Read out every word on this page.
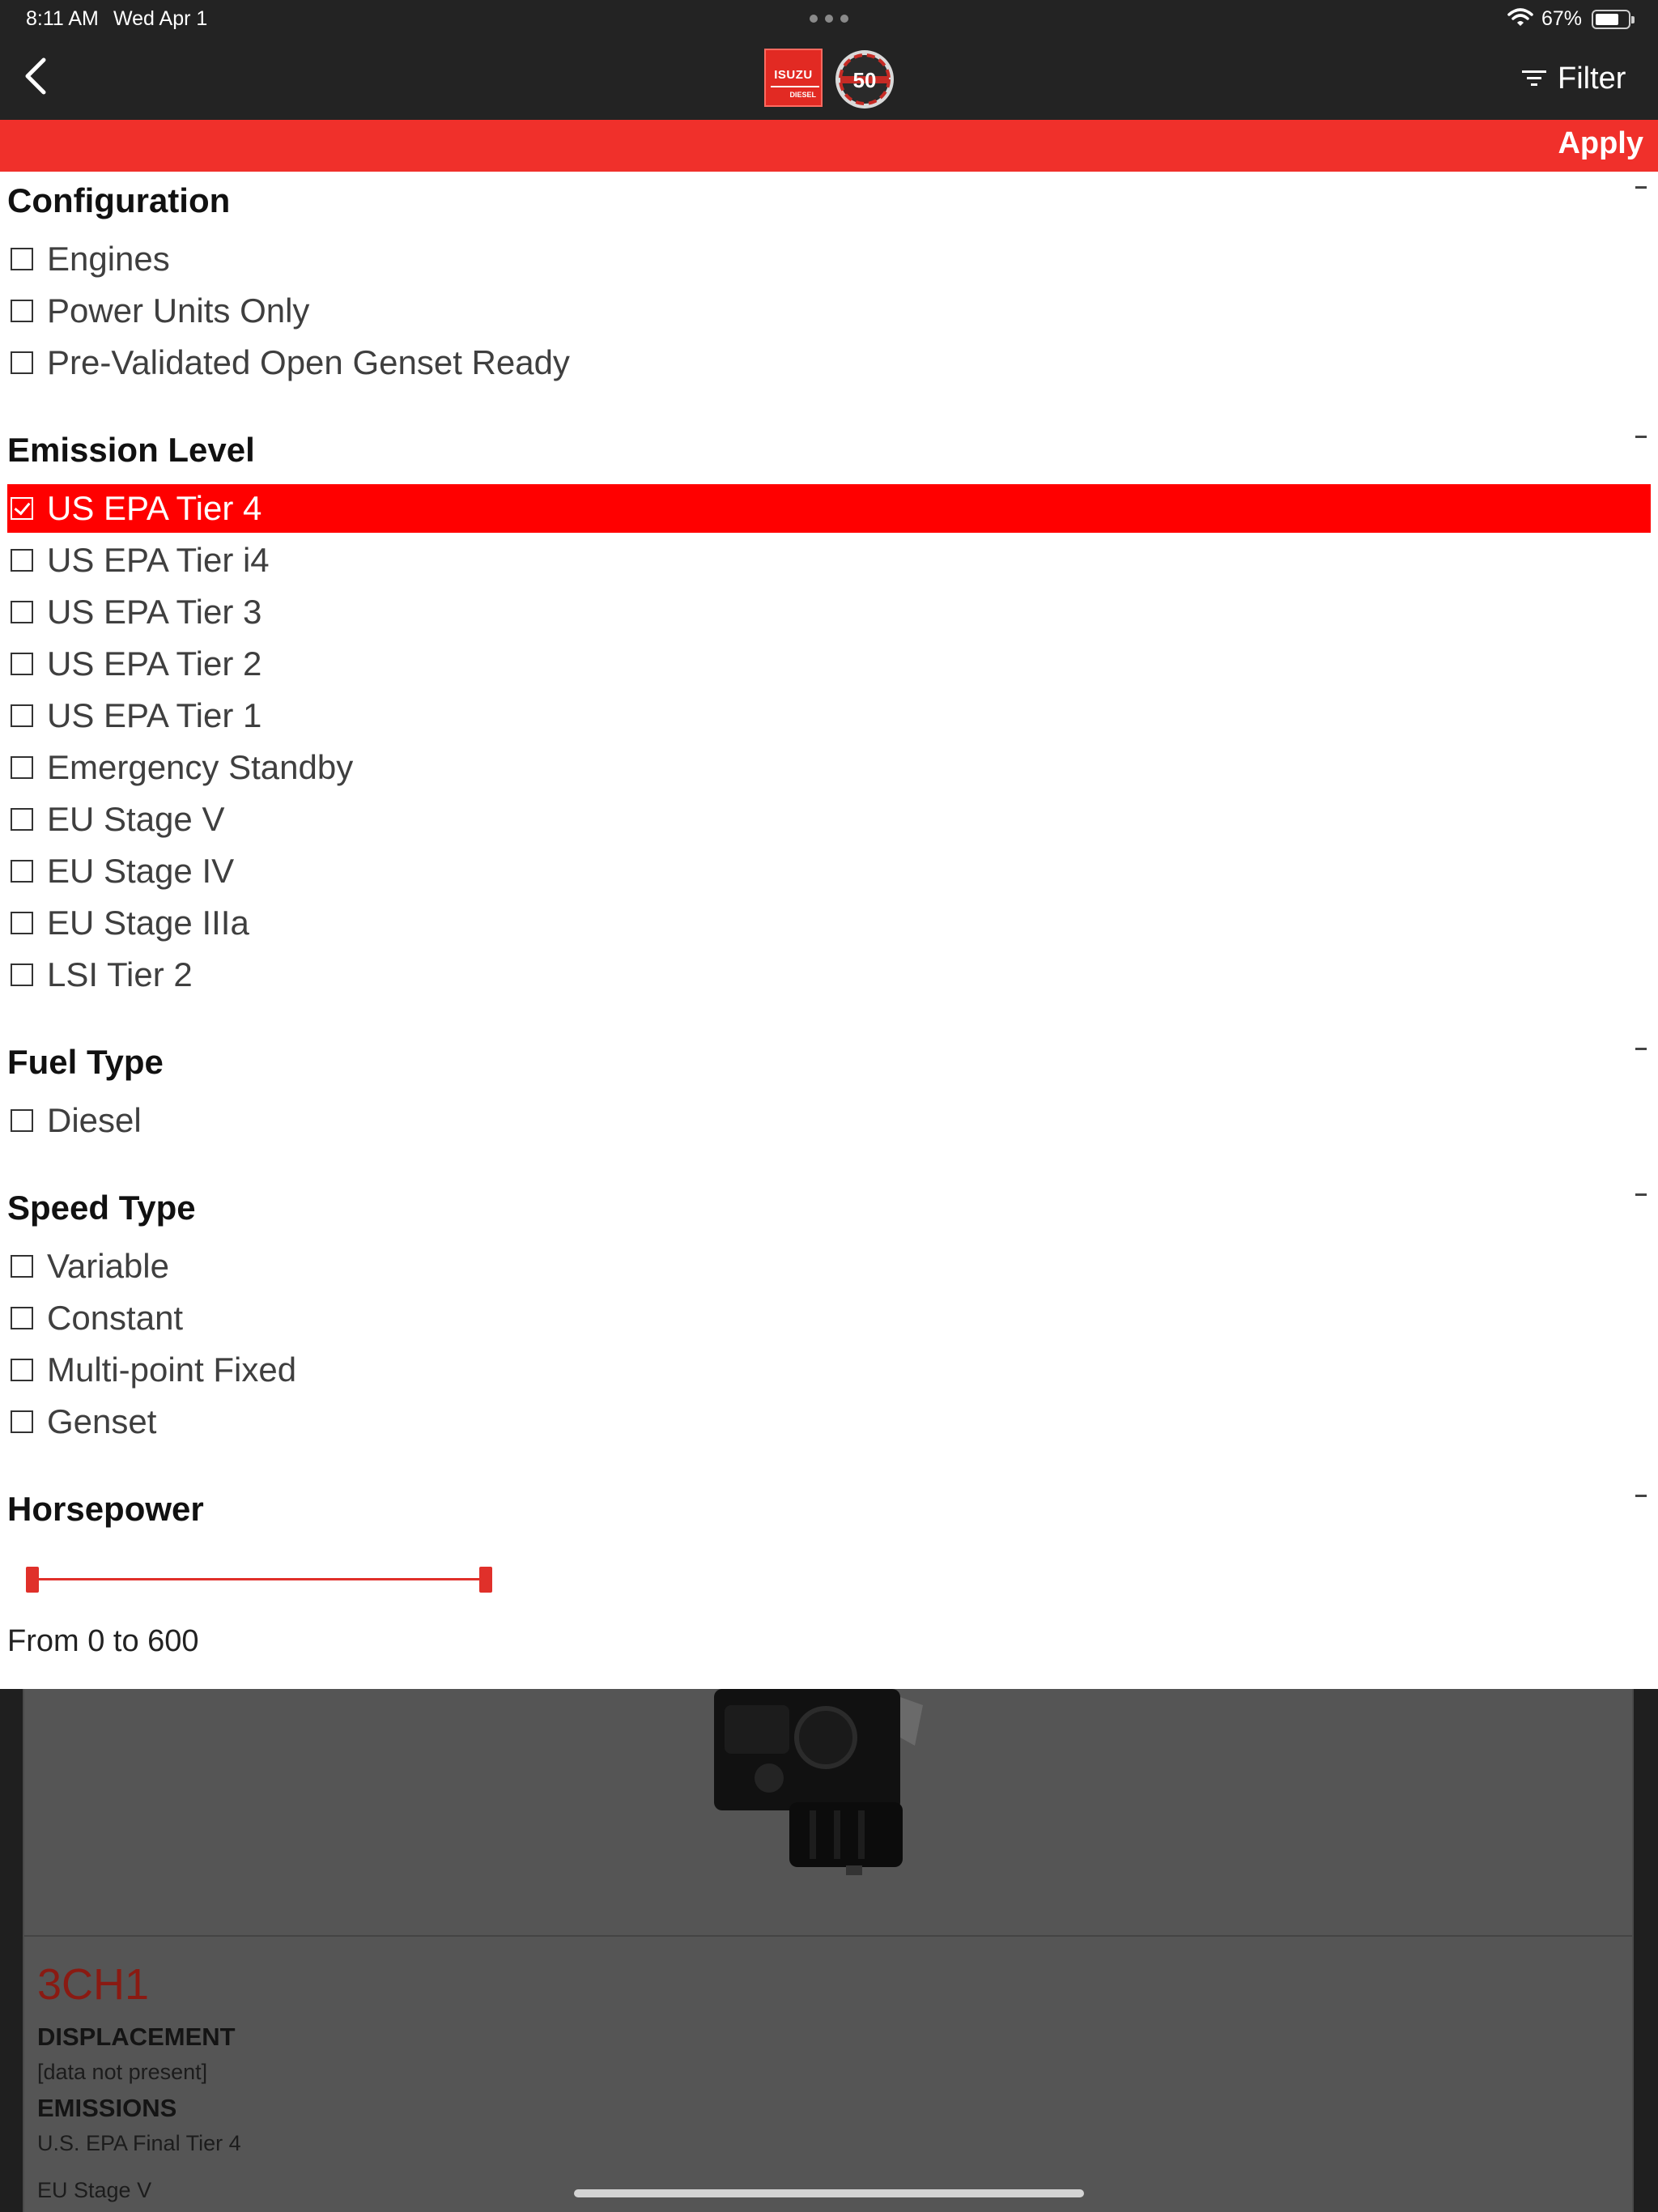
8:11 AM Wed Apr 1	67%
ISUZU
DIESEL
50	Filter
Apply
Configuration
Engines
Power Units Only
Pre-Validated Open Genset Ready
Emission Level
US EPA Tier 4
US EPA Tier i4
US EPA Tier 3
US EPA Tier 2
US EPA Tier 1
Emergency Standby
EU Stage V
EU Stage IV
EU Stage IIIa
LSI Tier 2
Fuel Type
Diesel
Speed Type
Variable
Constant
Multi-point Fixed
Genset
Horsepower
From 0 to 600
3CH1
DISPLACEMENT
[data not present]
EMISSIONS
U.S. EPA Final Tier 4
EU Stage V
